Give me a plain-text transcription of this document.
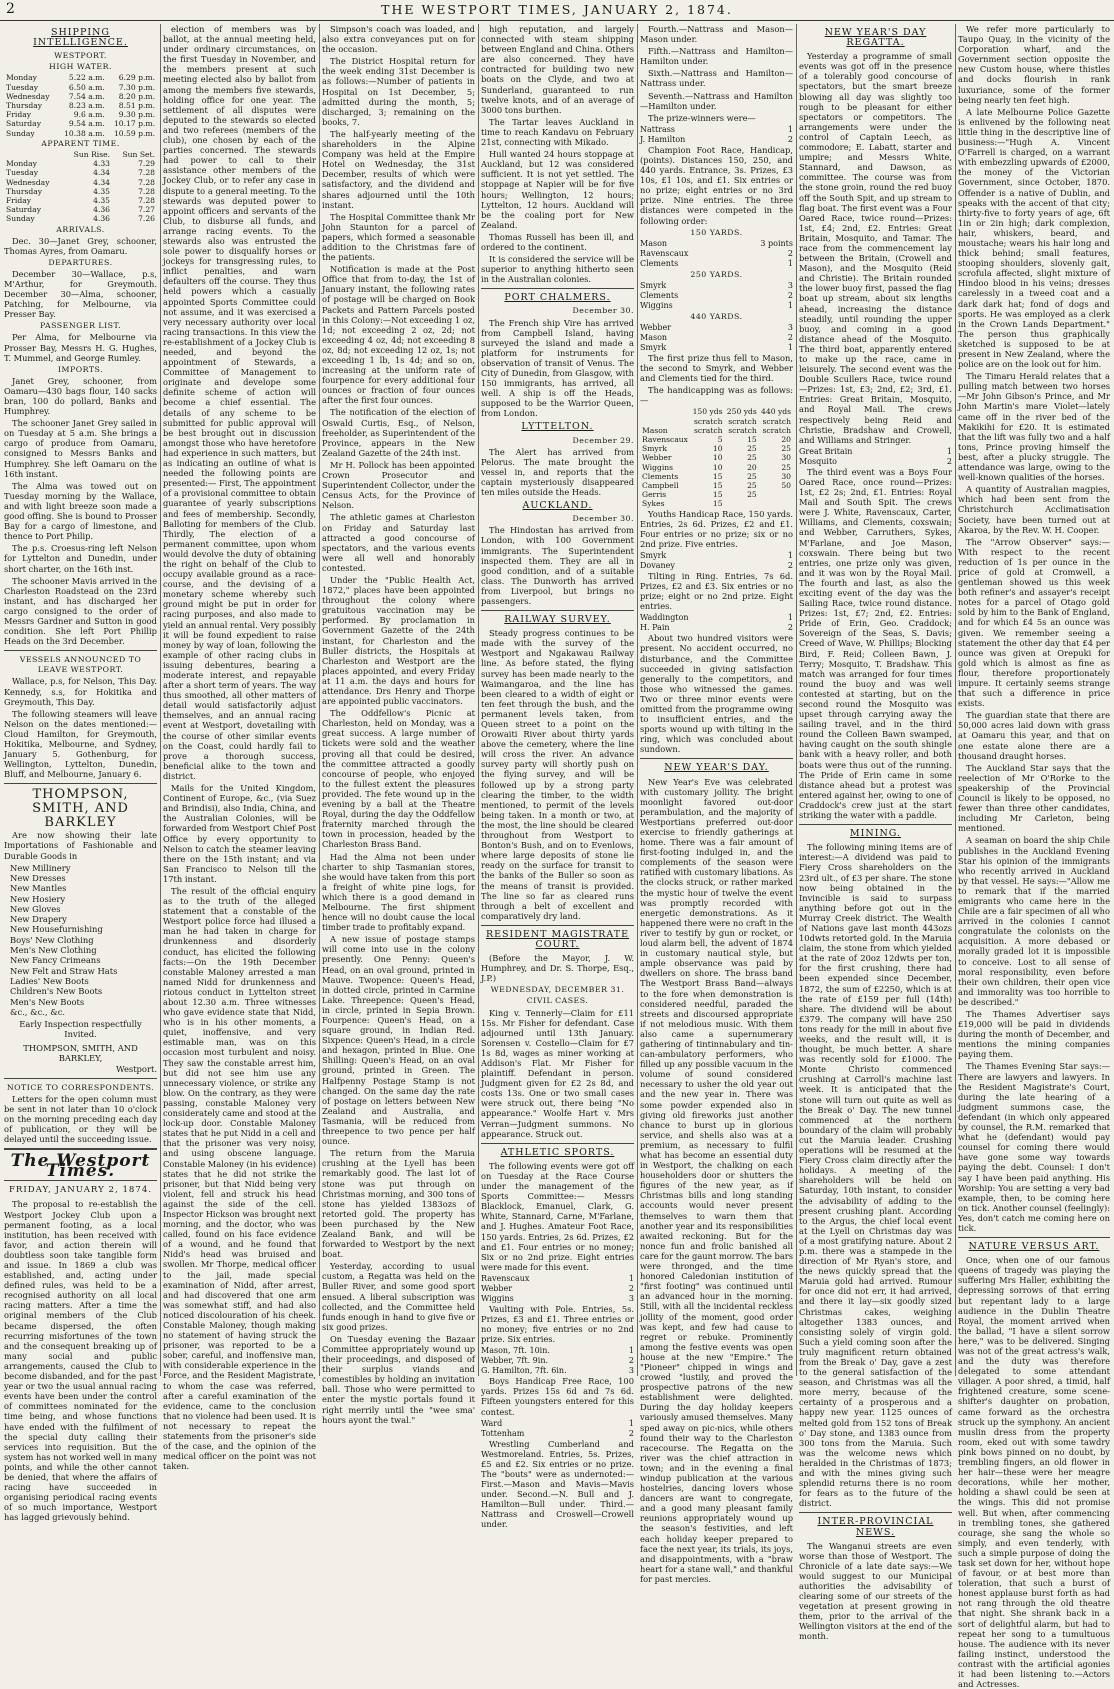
2	THE WESTPORT TIMES, JANUARY 2, 1874.
SHIPPING INTELLIGENCE.
WESTPORT.
HIGH WATER.
Monday	5.22 a.m.	6.29 p.m.
Tuesday	6.50 a.m.	7.30 p.m.
Wednesday	7.54 a.m.	8.20 p.m.
Thursday	8.23 a.m.	8.51 p.m.
Friday	9.6 a.m.	9.30 p.m.
Saturday	9.54 a.m.	10.17 p.m.
Sunday	10.38 a.m.	10.59 p.m.
APPARENT TIME.
	Sun Rise.	Sun Set.
Monday	4.33	7.29
Tuesday	4.34	7.28
Wednesday	4.34	7.28
Thursday	4.35	7.28
Friday	4.35	7.28
Saturday	4.36	7.27
Sunday	4.36	7.26
ARRIVALS.

Dec. 30—Janet Grey, schooner, Thomas Ayres, from Oamaru.

DEPARTURES.

December 30—Wallace, p.s, M'Arthur, for Greymouth. December 30—Alma, schooner, Patching, for Melbourne, via Presser Bay.

PASSENGER LIST.

Per Alma, for Melbourne via Prosser Bay, Messrs H. G. Hughes, T. Mummel, and George Rumley.

IMPORTS.

Janet Grey, schooner, from Oamaru—430 bags flour, 140 sacks bran, 100 do pollard, Banks and Humphrey.

The schooner Janet Grey sailed in on Tuesday at 5 a.m. She brings a cargo of produce from Oamaru, consigned to Messrs Banks and Humphrey. She left Oamaru on the 16th instant.

The Alma was towed out on Tuesday morning by the Wallace, and with light breeze soon made a good offing. She is bound to Prosser Bay for a cargo of limestone, and thence to Port Philip.

The p.s. Croesus-ring left Nelson for Lyttelton and Dunedin, under short charter, on the 16th inst.

The schooner Mavis arrived in the Charleston Roadstead on the 23rd instant, and has discharged her cargo consigned to the order of Messrs Gardner and Sutton in good condition. She left Port Phillip Heads on the 3rd December.

VESSELS ANNOUNCED TO LEAVE WESTPORT.

Wallace, p.s, for Nelson, This Day. Kennedy, s.s, for Hokitika and Greymouth, This Day.

The following steamers will leave Nelson on the dates mentioned:— Cloud Hamilton, for Greymouth, Hokitika, Melbourne, and Sydney, January 5. Gothenburg, for Wellington, Lyttelton, Dunedin, Bluff, and Melbourne, January 6.

THOMPSON, SMITH, AND BARKLEY

Are now showing their late Importations of Fashionable and Durable Goods in

New Millinery
New Dresses
New Mantles
New Hosiery
New Gloves
New Drapery
New Housefurnishing
Boys' New Clothing
Men's New Clothing
New Fancy Crimeans
New Felt and Straw Hats
Ladies' New Boots
Children's New Boots
Men's New Boots
&c., &c., &c.
Early Inspection respectfully Invited.
THOMPSON, SMITH, AND BARKLEY,
Westport.
NOTICE TO CORRESPONDENTS.

Letters for the open column must be sent in not later than 10 o'clock on the morning preceding each day of publication, or they will be delayed until the succeeding issue.

The Westport Times.
FRIDAY, JANUARY 2, 1874.

The proposal to re-establish the Westport Jockey Club upon a permanent footing, as a local institution, has been received with favor, and action therein will doubtless soon take tangible form and issue. In 1869 a club was established, and, acting under defined rules, was held to be a recognised authority on all local racing matters. After a time the original members of the Club became dispersed, the often recurring misfortunes of the town and the consequent breaking up of many social and public arrangements, caused the Club to become disbanded, and for the past year or two the usual annual racing events have been under the control of committees nominated for the time being, and whose functions have ended with the fulfilment of the special duty calling their services into requisition. But the system has not worked well in many points, and while the other cannot be denied, that where the affairs of racing have succeeded in organising periodical racing events of so much importance, Westport has lagged grievously behind.

election of members was by ballot, at the annual meeting held, under ordinary circumstances, on the first Tuesday in November, and the members present at such meeting elected also by ballot from among the members five stewards, holding office for one year. The settlement of all disputes were deputed to the stewards so elected and two referees (members of the club), one chosen by each of the parties concerned. The stewards had power to call to their assistance other members of the Jockey Club, or to refer any case in dispute to a general meeting. To the stewards was deputed power to appoint officers and servants of the Club, to disburse all funds, and arrange racing events. To the stewards also was entrusted the sole power to disqualify horses or jockeys for transgressing rules, to inflict penalties, and warn defaulters off the course. They thus held powers which a casually appointed Sports Committee could not assume, and it was exercised a very necessary authority over local racing transactions. In this view the re-establishment of a Jockey Club is needed, and beyond the appointment of Stewards, a Committee of Management to originate and develope some definite scheme of action will become a chief essential. The details of any scheme to be submitted for public approval will be best brought out in discussion amongst those who have heretofore had experience in such matters, but as indicating an outline of what is needed the following points are presented:— First, The appointment of a provisional committee to obtain guarantee of yearly subscriptions and fees of membership. Secondly, Balloting for members of the Club. Thirdly, The election of a permanent committee, upon whom would devolve the duty of obtaining the right on behalf of the Club to occupy available ground as a race-course, and the devising of a monetary scheme whereby such ground might be put in order for racing purposes, and also made to yield an annual rental. Very possibly it will be found expedient to raise money by way of loan, following the example of other racing clubs in issuing debentures, bearing a moderate interest, and repayable after a short term of years. The way thus smoothed, all other matters of detail would satisfactorily adjust themselves, and an annual racing event at Westport, dovetailing with the course of other similar events on the Coast, could hardly fail to prove a thorough success, beneficial alike to the town and district.

Mails for the United Kingdom, Continent of Europe, &c., (via Suez and Brindisi), also India, China, and the Australian Colonies, will be forwarded from Westport Chief Post Office by every opportunity to Nelson to catch the steamer leaving there on the 15th instant; and via San Francisco to Nelson till the 17th instant.

The result of the official enquiry as to the truth of the alleged statement that a constable of the Westport police force had illused a man he had taken in charge for drunkenness and disorderly conduct, has elicited the following facts:—On the 19th December constable Maloney arrested a man named Nidd for drunkenness and riotous conduct in Lyttelton street about 12.30 a.m. Three witnesses who gave evidence state that Nidd, who is in his other moments, a quiet, inoffensive, and very estimable man, was on this occasion most turbulent and noisy. They saw the constable arrest him, but did not see him use any unnecessary violence, or strike any blow. On the contrary, as they were passing, constable Maloney very considerately came and stood at the lock-up door. Constable Maloney states that he put Nidd in a cell and that the prisoner was very noisy, and using obscene language. Constable Maloney (in his evidence) states that he did not strike the prisoner, but that Nidd being very violent, fell and struck his head against the side of the cell. Inspector Hickson was brought next morning, and the doctor, who was called, found on his face evidence of a wound, and he found that Nidd's head was bruised and swollen. Mr Thorpe, medical officer to the jail, made special examination of Nidd, after arrest, and had discovered that one arm was somewhat stiff, and had also noticed discolouration of his cheek. Constable Maloney, though making no statement of having struck the prisoner, was reported to be a sober, careful, and inoffensive man, with considerable experience in the Force, and the Resident Magistrate, to whom the case was referred, after a careful examination of the evidence, came to the conclusion that no violence had been used. It is not necessary to repeat the statements from the prisoner's side of the case, and the opinion of the medical officer on the point was not taken.

Simpson's coach was loaded, and also extra conveyances put on for the occasion.

The District Hospital return for the week ending 31st December is as follows:—Number of patients in Hospital on 1st December, 5; admitted during the month, 5; discharged, 3; remaining on the books, 7.

The half-yearly meeting of the shareholders in the Alpine Company was held at the Empire Hotel on Wednesday, the 31st December, results of which were satisfactory, and the dividend and shares adjourned until the 10th instant.

The Hospital Committee thank Mr John Staunton for a parcel of papers, which formed a seasonable addition to the Christmas fare of the patients.

Notification is made at the Post Office that from to-day, the 1st of January instant, the following rates of postage will be charged on Book Packets and Pattern Parcels posted in this Colony:—Not exceeding 1 oz, 1d; not exceeding 2 oz, 2d; not exceeding 4 oz, 4d; not exceeding 8 oz, 8d; not exceeding 12 oz, 1s; not exceeding 1 lb, 1s 4d; and so on, increasing at the uniform rate of fourpence for every additional four ounces or fraction of four ounces after the first four ounces.

The notification of the election of Oswald Curtis, Esq., of Nelson, freeholder, as Superintendent of the Province, appears in the New Zealand Gazette of the 24th inst.

Mr H. Pollock has been appointed Crown Prosecutor and Superintendent Collector, under the Census Acts, for the Province of Nelson.

The athletic games at Charleston on Friday and Saturday last attracted a good concourse of spectators, and the various events were all well and honorably contested.

Under the "Public Health Act, 1872," places have been appointed throughout the colony where gratuitous vaccination may be performed. By proclamation in Government Gazette of the 24th instant, for Charleston and the Buller districts, the Hospitals at Charleston and Westport are the places appointed, and every Friday at 11 a.m. the days and hours for attendance. Drs Henry and Thorpe are appointed public vaccinators.

The Oddfellow's Picnic at Charleston, held on Monday, was a great success. A large number of tickets were sold and the weather proving all that could be desired, the committee attracted a goodly concourse of people, who enjoyed to the fullest extent the pleasures provided. The fete wound up in the evening by a ball at the Theatre Royal, during the day the Oddfellow fraternity marched through the town in procession, headed by the Charleston Brass Band.

Had the Alma not been under charter to ship Tasmanian stores, she would have taken from this port a freight of white pine logs, for which there is a good demand in Melbourne. The first shipment hence will no doubt cause the local timber trade to profitably expand.

A new issue of postage stamps will come into use in the colony presently. One Penny: Queen's Head, on an oval ground, printed in Mauve. Twopence: Queen's Head, in dotted circle, printed in Carmine Lake. Threepence: Queen's Head, in circle, printed in Sepia Brown. Fourpence: Queen's Head, on a square ground, in Indian Red. Sixpence: Queen's Head, in a circle and hexagon, printed in Blue. One Shilling: Queen's Head, on an oval ground, printed in Green. The Halfpenny Postage Stamp is not changed. On the same day the rate of postage on letters between New Zealand and Australia, and Tasmania, will be reduced from threepence to two pence per half ounce.

The return from the Maruia crushing at the Lyell has been remarkably good. The last lot of stone was put through on Christmas morning, and 300 tons of stone has yielded 1383ozs of retorted gold. The property has been purchased by the New Zealand Bank, and will be forwarded to Westport by the next boat.

Yesterday, according to usual custom, a Regatta was held on the Buller River, and some good sport ensued. A liberal subscription was collected, and the Committee held funds enough in hand to give five or six good prizes.

On Tuesday evening the Bazaar Committee appropriately wound up their proceedings, and disposed of their surplus viands and comestibles by holding an invitation ball. Those who were permitted to enter the mystic portals found it right merrily until the "wee sma' hours ayont the twal."

high reputation, and largely connected with steam shipping between England and China. Others are also concerned. They have contracted for building two new boats on the Clyde, and two at Sunderland, guaranteed to run twelve knots, and of an average of 3000 tons burthen.

The Tartar leaves Auckland in time to reach Kandavu on February 21st, connecting with Mikado.

Hull wanted 24 hours stoppage at Auckland, but 12 was considered sufficient. It is not yet settled. The stoppage at Napier will be for five hours; Wellington, 12 hours; Lyttelton, 12 hours. Auckland will be the coaling port for New Zealand.

Thomas Russell has been ill, and ordered to the continent.

It is considered the service will be superior to anything hitherto seen in the Australian colonies.

PORT CHALMERS.
December 30.

The French ship Vire has arrived from Campbell Island, having surveyed the island and made a platform for instruments for observation of transit of Venus. The City of Dunedin, from Glasgow, with 150 immigrants, has arrived, all well. A ship is off the Heads, supposed to be the Warrior Queen, from London.

LYTTELTON.
December 29.

The Alert has arrived from Pelorus. The mate brought the vessel in, and reports that the captain mysteriously disappeared ten miles outside the Heads.

AUCKLAND.
December 30.

The Hindostan has arrived from London, with 100 Government immigrants. The Superintendent inspected them. They are all in good condition, and of a suitable class. The Dunworth has arrived from Liverpool, but brings no passengers.

RAILWAY SURVEY.

Steady progress continues to be made with the survey of the Westport and Ngakawau Railway line. As before stated, the flying survey has been made nearly to the Waimangaroa, and the line has been cleared to a width of eight or ten feet through the bush, and the permanent levels taken, from Queen street to a point on the Orowaiti River about thirty yards above the cemetery, where the line will cross the river. An advance survey party will shortly push on the flying survey, and will be followed up by a strong party clearing the timber, to the width mentioned, to permit of the levels being taken. In a month or two, at the most, the line should be cleared throughout from Westport to Bonton's Bush, and on to Evenlows, where large deposits of stone lie ready on the surface for transit to the banks of the Buller so soon as the means of transit is provided. The line so far as cleared runs through a belt of excellent and comparatively dry land.

RESIDENT MAGISTRATE COURT.

(Before the Mayor, J. W. Humphrey, and Dr. S. Thorpe, Esq., J.P.)

WEDNESDAY, DECEMBER 31.
CIVIL CASES.

King v. Tennerly—Claim for £11 15s. Mr Fisher for defendant. Case adjourned until 13th January. Sorensen v. Costello—Claim for £7 1s 8d, wages as miner working at Addison's Flat. Mr Fisher for plaintiff. Defendant in person. Judgment given for £2 2s 8d, and costs 13s. One or two small cases were struck out, there being "No appearance." Woolfe Hart v. Mrs Verran—Judgment summons. No appearance. Struck out.

ATHLETIC SPORTS.

The following events were got off on Tuesday at the Race Course under the management of the Sports Committee:— Messrs Blacklock, Emanuel, Clark, G. White, Stannard, Carne, M'Farlane, and J. Hughes. Amateur Foot Race, 150 yards. Entries, 2s 6d. Prizes, £2 and £1. Four entries or no money; Six or no 2nd prize. Eight entries were made for this event.

Ravenscaux	1
Webber	2
Wiggins	3

Vaulting with Pole. Entries, 5s. Prizes, £3 and £1. Three entries or no money; five entries or no 2nd prize. Six entries.

Mason, 7ft. 10in.	1
Webber, 7ft. 9in.	2
G. Hamilton, 7ft. 6in.	3

Boys Handicap Free Race, 100 yards. Prizes 15s 6d and 7s 6d. Fifteen youngsters entered for this contest.

Ward	1
Tottenham	2

Wrestling Cumberland and Westmoreland. Entries, 5s. Prizes, £5 and £2. Six entries or no prize. The "bouts" were as undernoted:— First.—Mason and Mavis—Mavis under. Second.—N. Bull and J. Hamilton—Bull under. Third.—Nattrass and Croswell—Crowell under.

Fourth.—Nattrass and Mason—Mason under.

Fifth.—Nattrass and Hamilton—Hamilton under.

Sixth.—Nattrass and Hamilton—Nattrass under.

Seventh.—Nattrass and Hamilton—Hamilton under.

The prize-winners were—

Nattrass	1
J. Hamilton	2

Champion Foot Race, Handicap, (points). Distances 150, 250, and 440 yards. Entrance, 3s. Prizes, £3 10s, £1 10s, and £1. Six entries or no prize; eight entries or no 3rd prize. Nine entries. The three distances were competed in the following order:

150 YARDS.
Mason	3 points
Ravenscaux	2
Clements	1
250 YARDS.
Smyrk	3
Clements	2
Wiggins	1
440 YARDS.
Webber	3
Mason	2
Smyrk	1

The first prize thus fell to Mason, the second to Smyrk, and Webber and Clements tied for the third.

The handicapping was as follows:—

	150 yds	250 yds	440 yds
	scratch	scratch	scratch
Mason	scratch	scratch	scratch
Ravenscaux	5	15	20
Smyrk	10	25	25
Webber	10	25	30
Wiggins	10	20	25
Clements	15	25	30
Campbell	15	25	50
Gerris	15	25	
Sykes	15		

Youths Handicap Race, 150 yards. Entries, 2s 6d. Prizes, £2 and £1. Four entries or no prize; six or no 2nd prize. Five entries.

Smyrk	1
Dovaney	2

Tilting in Ring. Entries, 7s 6d. Prizes, £2 and £3. Six entries or no prize; eight or no 2nd prize. Eight entries.

Waddington	1
H. Pain	2

About two hundred visitors were present. No accident occurred, no disturbance, and the Committee succeeded in giving satisfaction generally to the competitors, and those who witnessed the games. Two or three minor events were omitted from the programme owing to insufficient entries, and the sports wound up with tilting in the ring, which was concluded about sundown.

NEW YEAR'S DAY.

New Year's Eve was celebrated with customary jollity. The bright moonlight favored out-door perambulation, and the majority of Westportians preferred out-door exercise to friendly gatherings at home. There was a fair amount of first-footing indulged in, and the complements of the season were ratified with customary libations. As the clocks struck, or rather marked the mystic hour of twelve the event was promptly recorded with energetic demonstrations. As it happened there were no craft in the river to testify by gun or rocket, or loud alarm bell, the advent of 1874 in customary nautical style, but ample observance was paid by dwellers on shore. The brass band The Westport Brass Band—always to the fore when demonstration is considered needful, paraded the streets and discoursed appropriate if not melodious music. With them also came a supernumerary gathering of tintinnabulary and tin-can-ambulatory performers, who filled up any possible vacuum in the volume of sound considered necessary to usher the old year out and the new year in. There was some powder expended also in giving old fireworks just another chance to burst up in glorious service, and shells also was at a premium, as necessary to fulfil what has become an essential duty in Westport, the chalking on each householders door or shutters the figures of the new year, as if Christmas bills and long standing accounts would never present themselves to warn them that another year and its responsibilities awaited reckoning. But for the nonce fun and frolic banished all care for the gaunt morrow. The bars were thronged, and the time honored Caledonian institution of "first footing" was continued until an advanced hour in the morning. Still, with all the incidental reckless jollity of the moment, good order was kept, and few had cause to regret or rebuke. Prominently among the festive events was open house at the new "Empire." The "Pioneer" chipped in wings and crowed "lustily, and proved the prospective patrons of the new establishment were delighted. During the day holiday keepers variously amused themselves. Many sped away on pic-nics, while others found their way to the Charleston racecourse. The Regatta on the river was the chief attraction in town; and in the evening a final windup publication at the various hostelries, dancing lovers whose dancers are want to congregate, and a good many pleasant family reunions appropriately wound up the season's festivities, and left each holiday keeper prepared to face the next year, its trials, its joys, and disappointments, with a "braw heart for a stane wall," and thankful for past mercies.

NEW YEAR'S DAY REGATTA.

Yesterday a programme of small events was got off in the presence of a tolerably good concourse of spectators, but the smart breeze blowing all day was slightly too rough to be pleasant for either spectators or competitors. The arrangements were under the control of Captain Leech, as commodore; E. Labatt, starter and umpire; and Messrs White, Stannard, and Dawson, as committee. The course was from the stone groin, round the red buoy off the South Spit, and up stream to flag boat. The first event was a Four Oared Race, twice round—Prizes: 1st, £4; 2nd, £2. Entries: Great Britain, Mosquito, and Tamar. The race from the commencement lay between the Britain, (Crowell and Mason), and the Mosquito (Reid and Christie). The Britain rounded the lower buoy first, passed the flag boat up stream, about six lengths ahead, increasing the distance steadily, until rounding the upper buoy, and coming in a good distance ahead of the Mosquito. The third boat, apparently entered to make up the race, came in leisurely. The second event was the Double Scullers Race, twice round—Prizes: 1st, £3; 2nd, £2; 3rd, £1. Entries: Great Britain, Mosquito, and Royal Mail. The crews respectively being Reid and Christie, Bradshaw and Crowell, and Williams and Stringer.

Great Britain	1
Mosquito	2

The third event was a Boys Four Oared Race, once round—Prizes: 1st, £2 2s; 2nd, £1. Entries: Royal Mail and South Spit. The crews were J. White, Ravenscaux, Carter, Williams, and Clements, coxswain; and Webber, Carruthers, Sykes, M'Farlane, and Joe Mason, coxswain. There being but two entries, one prize only was given, and it was won by the Royal Mail. The fourth and last, as also the exciting event of the day was the Sailing Race, twice round distance. Prizes: 1st, £7; 2nd, £2. Entries: Pride of Erin, Geo. Craddock; Sovereign of the Seas, S. Davis; Creed of Wave, W. Phillips; Blocking Bird, F. Reid; Colleen Bawn, J. Terry; Mosquito, T. Bradshaw. This match was arranged for four times round the buoy and was well contested at starting, but on the second round the Mosquito was upset through carrying away the sailing travel, and in the third round the Colleen Bawn swamped, having caught on the south shingle bank with a heavy roller, and both boats were thus out of the running. The Pride of Erin came in some distance ahead but a protest was entered against her, owing to one of Craddock's crew just at the start striking the water with a paddle.

MINING.

The following mining items are of interest:—A dividend was paid to Fiery Cross shareholders on the 23rd ult., of £3 per share. The stone now being obtained in the Invincible is said to surpass anything before got out in the Murray Creek district. The Wealth of Nations gave last month 443ozs 10dwts retorted gold. In the Maruia claim, the stone from which yielded at the rate of 20oz 12dwts per ton, for the first crushing, there had been expended since December, 1872, the sum of £2250, which is at the rate of £159 per full (14th) share. The dividend will be about £379. The company will have 250 tons ready for the mill in about five weeks, and the result will, it is thought, be much better. A share was recently sold for £1000. The Monte Christo commenced crushing at Carroll's machine last week. It is anticipated that the stone will turn out quite as well as the Break o' Day. The new tunnel commenced at the northern boundary of the claim will probably cut the Maruia leader. Crushing operations will be resumed at the Fiery Cross claim directly after the holidays. A meeting of the shareholders will be held on Saturday, 10th instant, to consider the advisability of adding to the present crushing plant. According to the Argus, the chief local event at the Lyell on Christmas day was of a most gratifying nature. About 2 p.m. there was a stampede in the direction of Mr Ryan's store, and the news quickly spread that the Maruia gold had arrived. Rumour for once did not err, it had arrived, and there it lay—six goodly sized Christmas cakes, weighing altogether 1383 ounces, and consisting solely of virgin gold. Such a yield coming soon after the truly magnificent return obtained from the Break o' Day, gave a zest to the general satisfaction of the season, and Christmas was all the more merry, because of the certainty of a prosperous and a happy new year. 1125 ounces of melted gold from 152 tons of Break o' Day stone, and 1383 ounce from 300 tons from the Maruia. Such was the welcome news which heralded in the Christmas of 1873; and with the mines giving such splendid returns there is no room for fears as to the future of the district.

INTER-PROVINCIAL NEWS.

The Wanganui streets are even worse than those of Westport. The Chronicle of a late date says:—We would suggest to our Municipal authorities the advisability of clearing some of our streets of the vegetation at present growing in them, prior to the arrival of the Wellington visitors at the end of the month.

We refer more particularly to Taupo Quay, in the vicinity of the Corporation wharf, and the Government section opposite the new Custom house, where thistles and docks flourish in rank luxuriance, some of the former being nearly ten feet high.

A late Melbourne Police Gazette is enlivened by the following neat little thing in the descriptive line of business:—"Hugh A. Vincent O'Farrell is charged, on a warrant with embezzling upwards of £2000, the money of the Victorian Government, since October, 1870. Offender is a native of Dublin, and speaks with the accent of that city; thirty-five to forty years of age, 6ft 1in or 2in high; dark complexion, hair, whiskers, beard, and moustache; wears his hair long and thick behind; small features, stooping shoulders, slovenly gait, scrofula affected, slight mixture of Hindoo blood in his veins; dresses carelessly in a tweed coat and a dark dark hat; fond of dogs and sports. He was employed as a clerk in the Crown Lands Department." The person thus graphically sketched is supposed to be at present in New Zealand, where the police are on the look out for him.

The Timaru Herald relates that a pulling match between two horses—Mr John Gibson's Prince, and Mr John Martin's mare Violet—lately came off in the river bed of the Makikihi for £20. It is estimated that the lift was fully two and a half tons, Prince proving himself the best, after a plucky struggle. The attendance was large, owing to the well-known qualities of the horses.

A quantity of Australian magpies, which had been sent from the Christchurch Acclimatisation Society, have been turned out at Akaroa, by the Rev. W. H. Cooper.

The "Arrow Observer" says:—With respect to the recent reduction of 1s per ounce in the price of gold at Cromwell, a gentleman showed us this week both refiner's and assayer's receipt notes for a parcel of Otago gold sold by him to the Bank of England, and for which £4 5s an ounce was given. We remember seeing a statement the other day that £4 per ounce was given at Orepuki for gold which is almost as fine as flour, therefore proportionately impure. It certainly seems strange that such a difference in price exists.

The guardian state that there are 50,000 acres laid down with grass at Oamaru this year, and that on one estate alone there are a thousand draught horses.

The Auckland Star says that the reelection of Mr O'Rorke to the speakership of the Provincial Council is likely to be opposed, no fewer than three other candidates, including Mr Carleton, being mentioned.

A seaman on board the ship Chile publishes in the Auckland Evening Star his opinion of the immigrants who recently arrived in Auckland by that vessel. He says:—"Allow me to remark that if the married emigrants who came here in the Chile are a fair specimen of all who arrived in the colonies I cannot congratulate the colonists on the acquisition. A more debased or morally graded lot it is impossible to conceive. Lost to all sense of moral responsibility, even before their own children, their open vice and immorality was too horrible to be described."

The Thames Advertiser says £19,000 will be paid in dividends during the month of December, and mentions the mining companies paying them.

The Thames Evening Star says:—There are lawyers and lawyers. In the Resident Magistrate's Court, during the late hearing of a judgment summons case, the defendant (in which only appeared by counsel, the R.M. remarked that what he (defendant) would pay counsel for coming there would have gone some way towards paying the debt. Counsel: I don't say I have been paid anything. His Worship: You are setting a very bad example, then, to be coming here on tick. Another counsel (feelingly): Yes, don't catch me coming here on tick.

NATURE VERSUS ART.

Once, when one of our famous queens of tragedy was playing the suffering Mrs Haller, exhibiting the depressing sorrows of that erring but repentant lady to a large audience in the Dublin Theatre Royal, the moment arrived when the ballad, "I have a silent sorrow here," was to be delivered. Singing was not of the great actress's walk, and the duty was therefore delegated to some attendant villager. A poor shred, a timid, half frightened creature, some scene-shifter's daughter on probation, came forward as the orchestra struck up the symphony. An ancient muslin dress from the property room, eked out with some tawdry pink bows pinned on no doubt, by trembling fingers, an old flower in her hair—these were her meagre decorations, while her mother, holding a shawl could be seen at the wings. This did not promise well. But when, after commencing in trembling tones, she gathered courage, she sang the whole so simply, and even tenderly, with such a simple purpose of doing the task set down for her, without hope of favour, or at best more than toleration, that such a burst of honest applause burst forth as had not rang through the old theatre that night. She shrank back in a sort of delightful alarm, but had to repeat her song to a tumultuous house. The audience with its never failing instinct, understood the contrast with the artificial agonies it had been listening to.—Actors and Actresses.
